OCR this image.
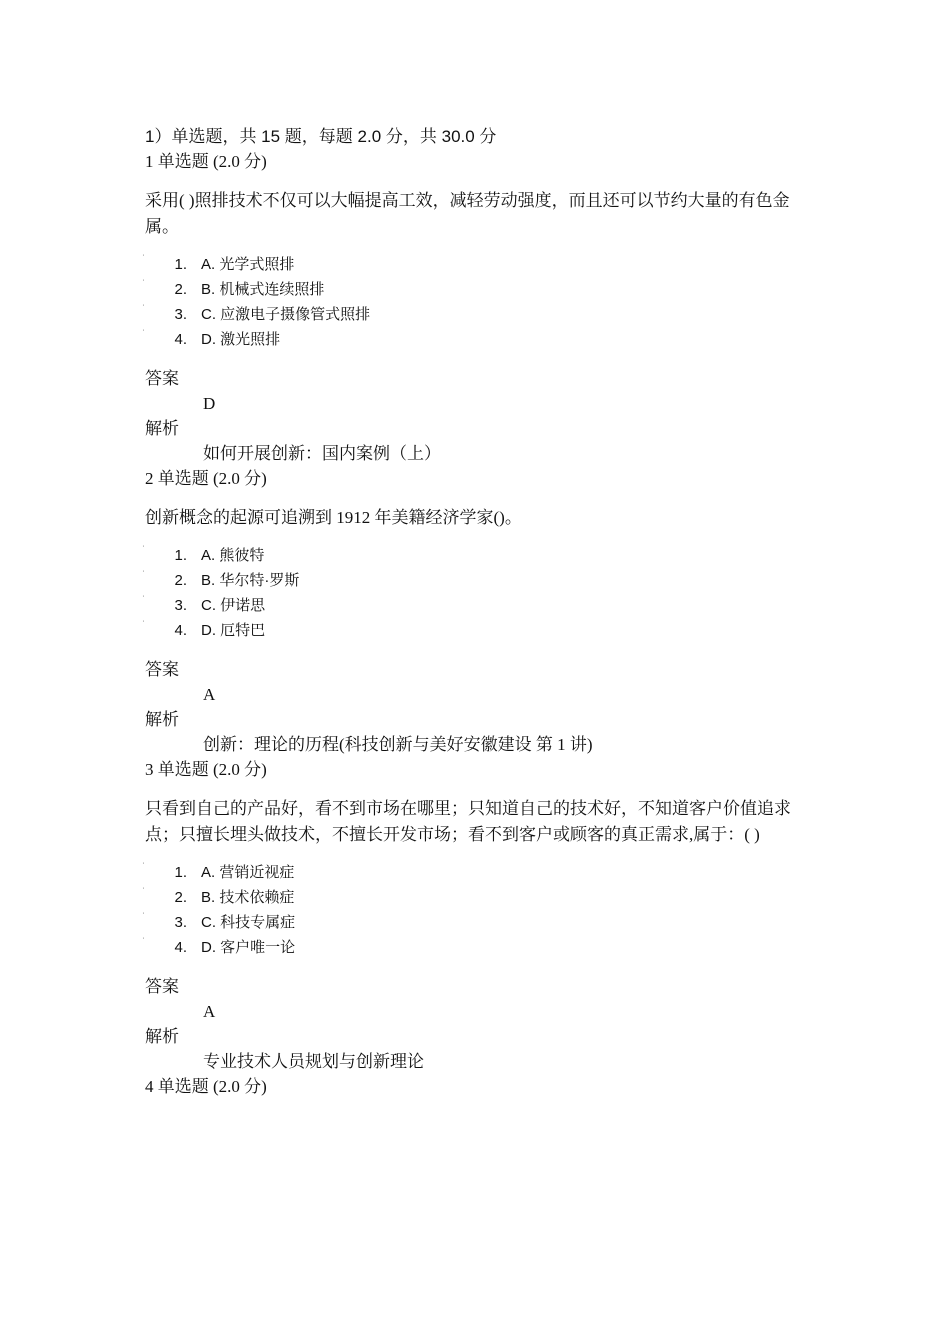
1）单选题，共 15 题，每题 2.0 分，共 30.0 分
1 单选题 (2.0 分)
采用( )照排技术不仅可以大幅提高工效，减轻劳动强度，而且还可以节约大量的有色金属。
˙	1. A. 光学式照排
˙	2. B. 机械式连续照排
˙	3. C. 应激电子摄像管式照排
˙	4. D. 激光照排
答案
D
解析
如何开展创新：国内案例（上）
2 单选题 (2.0 分)
创新概念的起源可追溯到 1912 年美籍经济学家()。
˙	1. A. 熊彼特
˙	2. B. 华尔特·罗斯
˙	3. C. 伊诺思
˙	4. D. 厄特巴
答案
A
解析
创新：理论的历程(科技创新与美好安徽建设 第 1 讲)
3 单选题 (2.0 分)
只看到自己的产品好，看不到市场在哪里；只知道自己的技术好，不知道客户价值追求点；只擅长埋头做技术，不擅长开发市场；看不到客户或顾客的真正需求,属于：( )
˙	1. A. 营销近视症
˙	2. B. 技术依赖症
˙	3. C. 科技专属症
˙	4. D. 客户唯一论
答案
A
解析
专业技术人员规划与创新理论
4 单选题 (2.0 分)
